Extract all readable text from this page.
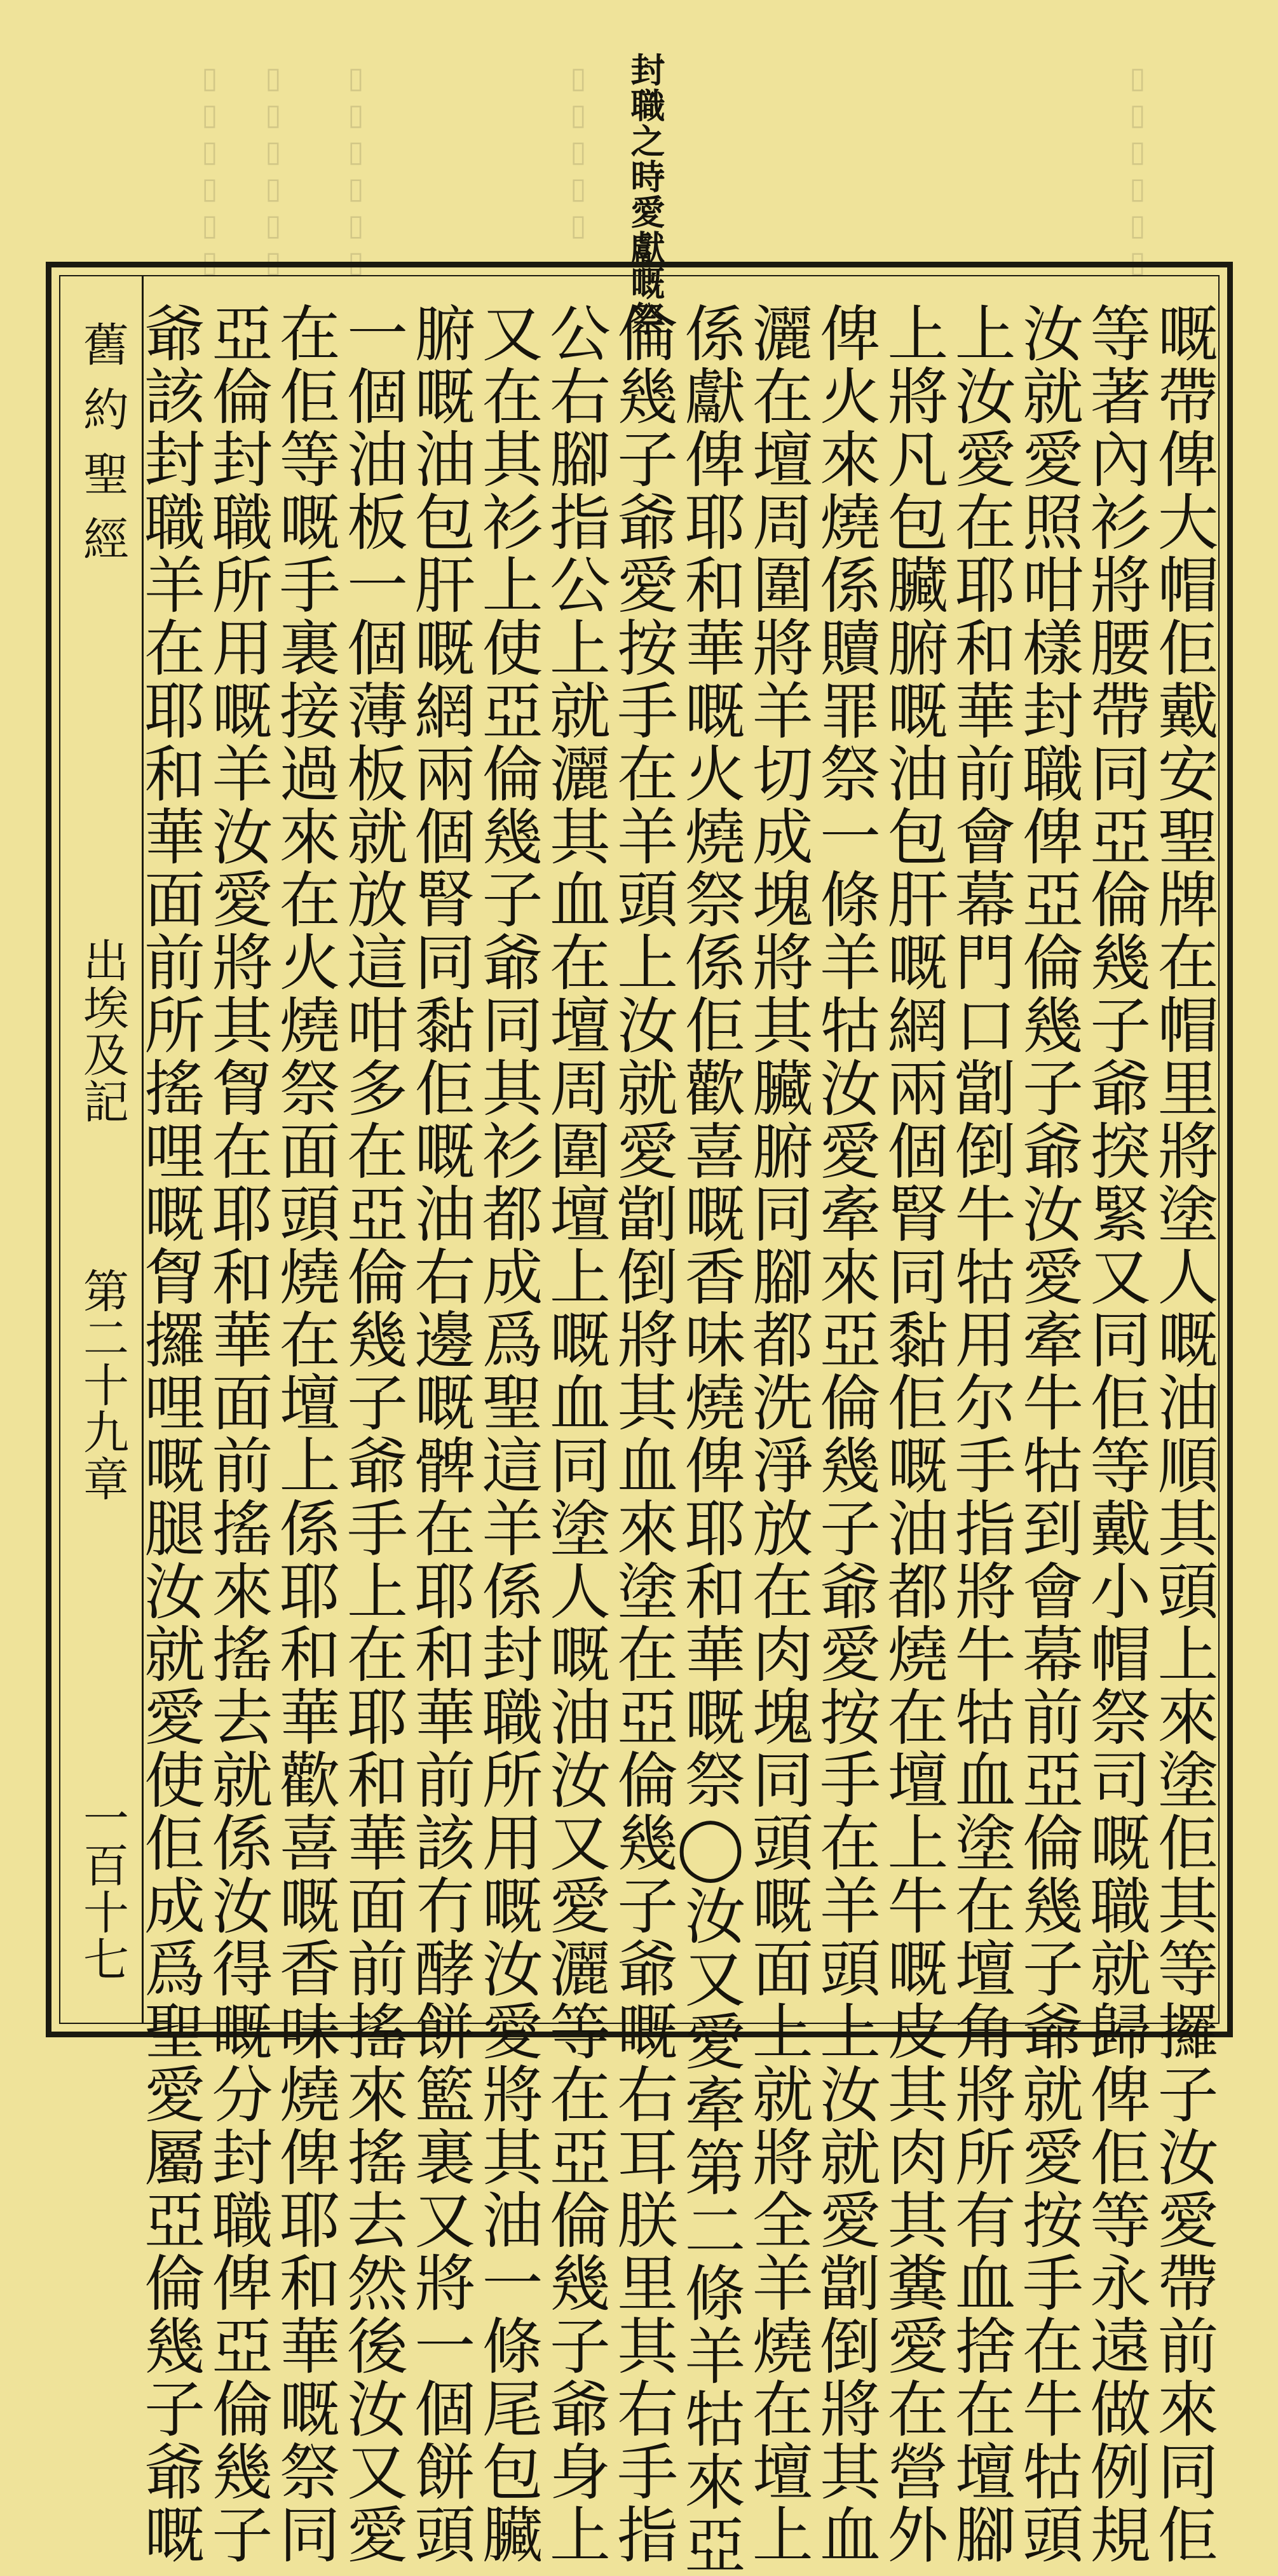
▯▯▯▯▯▯
▯▯▯▯▯▯ ▯▯▯▯▯▯ ▯▯▯▯▯▯	▯▯▯▯▯ 封職之時愛獻嘅祭
舊約聖經
出埃及記
第二十九章
一百十七	嘅帶俾大帽佢戴安聖牌在帽里將塗人嘅油順其頭上來塗佢其等攞子汝愛帶前來同佢
等著內衫將腰帶同亞倫幾子爺揬緊又同佢等戴小帽祭司嘅職就歸俾佢等永遠做例規
汝就愛照咁樣封職俾亞倫幾子爺汝愛牽牛牯到會幕前亞倫幾子爺就愛按手在牛牯頭
上汝愛在耶和華前會幕門口劏倒牛牯用尔手指將牛牯血塗在壇角將所有血捨在壇腳
上將凡包臟腑嘅油包肝嘅網兩個腎同黏佢嘅油都燒在壇上牛嘅皮其肉其糞愛在營外
俾火來燒係贖罪祭一條羊牯汝愛牽來亞倫幾子爺愛按手在羊頭上汝就愛劏倒將其血
灑在壇周圍將羊切成塊將其臟腑同腳都洗淨放在肉塊同頭嘅面上就將全羊燒在壇上
係獻俾耶和華嘅火燒祭係佢歡喜嘅香味燒俾耶和華嘅祭◯汝又愛牽第二條羊牯來亞
倫幾子爺愛按手在羊頭上汝就愛劏倒將其血來塗在亞倫幾子爺嘅右耳朕里其右手指
公右腳指公上就灑其血在壇周圍壇上嘅血同塗人嘅油汝又愛灑等在亞倫幾子爺身上
又在其衫上使亞倫幾子爺同其衫都成爲聖這羊係封職所用嘅汝愛將其油一條尾包臟
腑嘅油包肝嘅網兩個腎同黏佢嘅油右邊嘅髀在耶和華前該冇酵餅籃裏又將一個餅頭
一個油板一個薄板就放這咁多在亞倫幾子爺手上在耶和華面前搖來搖去然後汝又愛
在佢等嘅手裏接過來在火燒祭面頭燒在壇上係耶和華歡喜嘅香味燒俾耶和華嘅祭同
亞倫封職所用嘅羊汝愛將其胷在耶和華面前搖來搖去就係汝得嘅分封職俾亞倫幾子
爺該封職羊在耶和華面前所搖哩嘅胷攞哩嘅腿汝就愛使佢成爲聖愛屬亞倫幾子爺嘅
